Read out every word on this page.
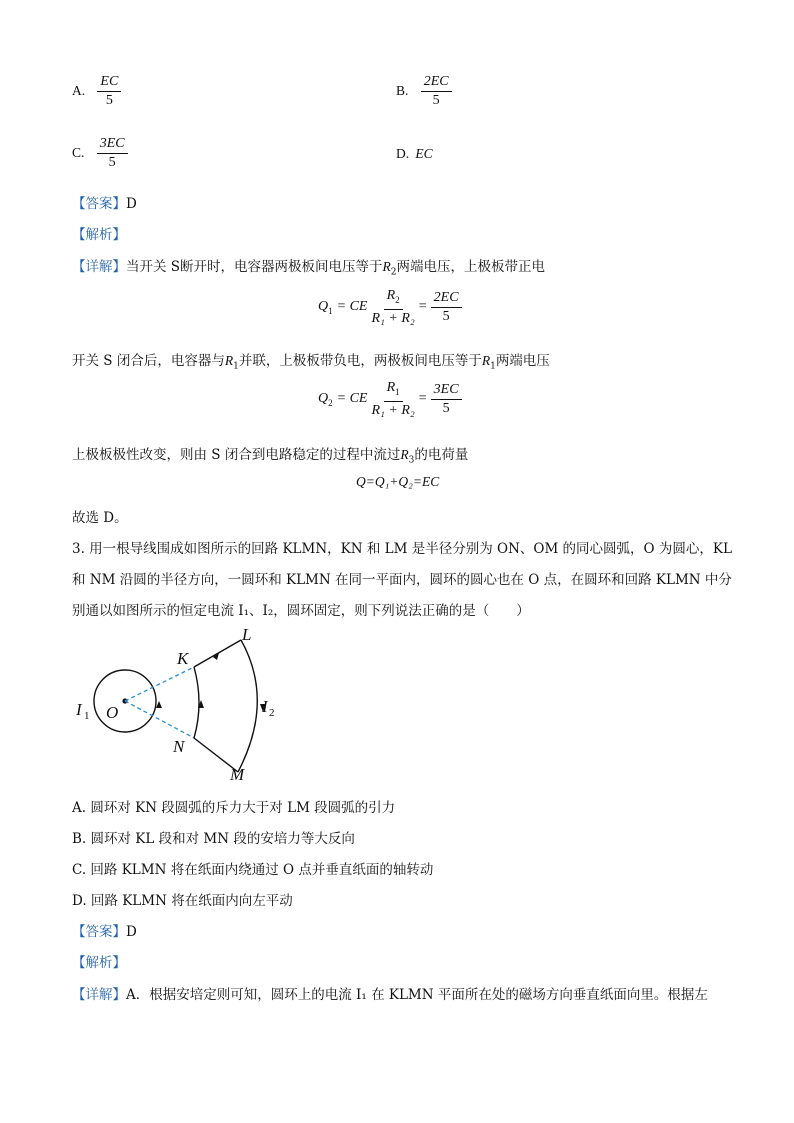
A. $\frac{EC}{5}$	B. $\frac{2EC}{5}$
C. $\frac{3EC}{5}$	D. EC
【答案】D
【解析】
【详解】当开关 S断开时，电容器两极板间电压等于$R_2$两端电压，上极板带正电
$Q_1$ = CE $\frac{R_2}{\text{R₁ + R₂}} = \frac{2EC}{5}$
开关 S 闭合后，电容器与$R_1$并联，上极板带负电，两极板间电压等于$R_1$两端电压
$Q_2$ = CE $\frac{R_1}{\text{R₁ + R₂}} = \frac{3EC}{5}$
上极板极性改变，则由 S 闭合到电路稳定的过程中流过$R_3$的电荷量
Q=Q₁+Q₂=EC
故选 D。
3. 用一根导线围成如图所示的回路 KLMN，KN 和 LM 是半径分别为 ON、OM 的同心圆弧，O 为圆心，KL
和 NM 沿圆的半径方向，一圆环和 KLMN 在同一平面内，圆环的圆心也在 O 点，在圆环和回路 KLMN 中分
别通以如图所示的恒定电流 I₁、I₂，圆环固定，则下列说法正确的是（　　）
K
L
M
N
O
I 1	I 2
A. 圆环对 KN 段圆弧的斥力大于对 LM 段圆弧的引力
B. 圆环对 KL 段和对 MN 段的安培力等大反向
C. 回路 KLMN 将在纸面内绕通过 O 点并垂直纸面的轴转动
D. 回路 KLMN 将在纸面内向左平动
【答案】D
【解析】
【详解】A．根据安培定则可知，圆环上的电流 I₁ 在 KLMN 平面所在处的磁场方向垂直纸面向里。根据左
